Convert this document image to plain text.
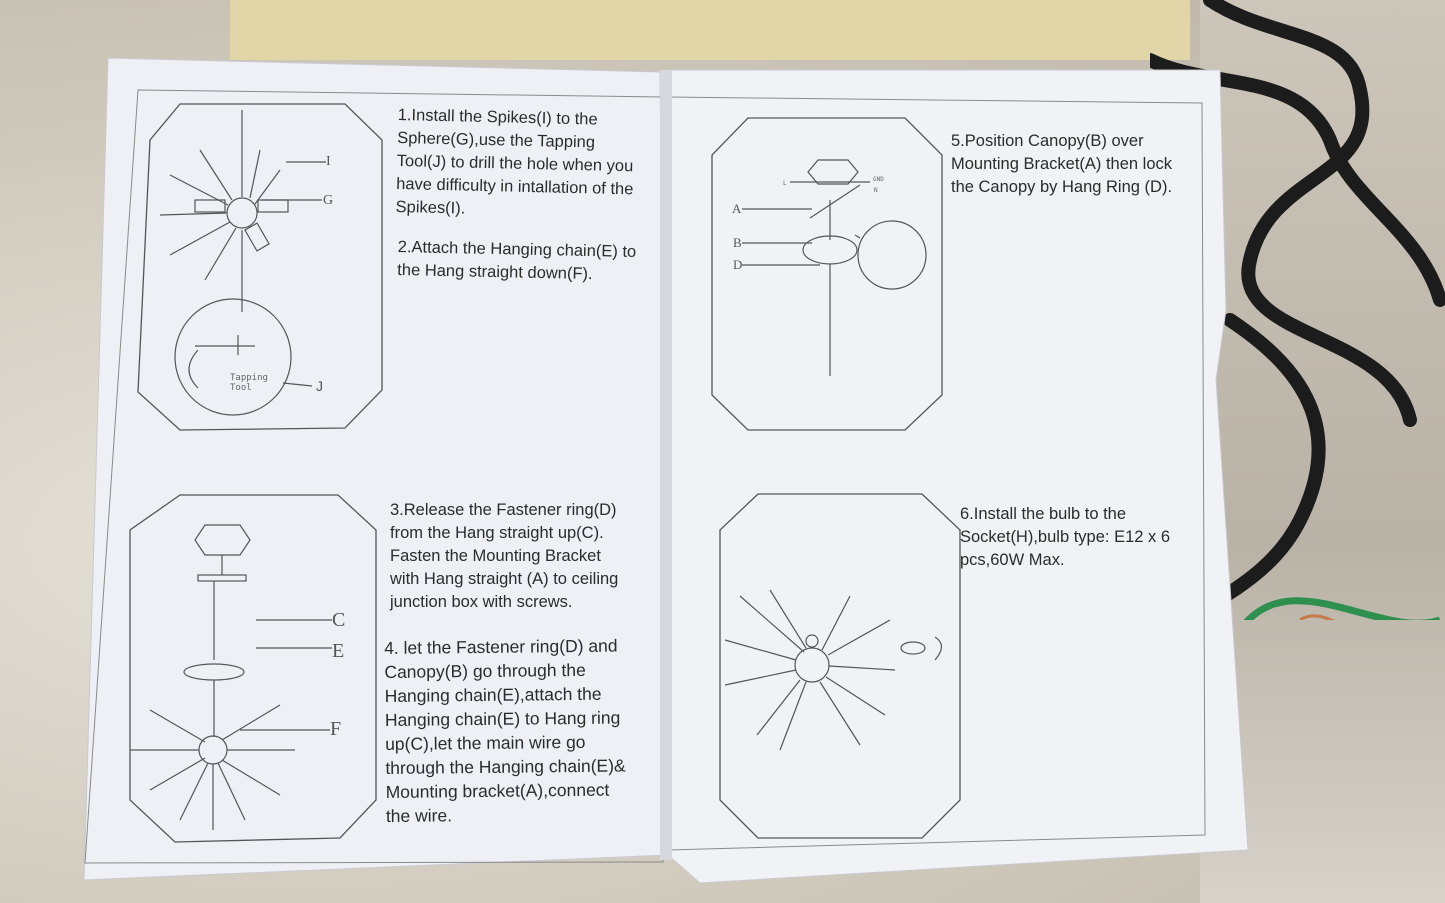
1.Install the Spikes(I) to the
Sphere(G),use the Tapping
Tool(J) to drill the hole when you
have difficulty in intallation of the
Spikes(I).
2.Attach the Hanging chain(E) to
the Hang straight down(F).
3.Release the Fastener ring(D)
from the Hang straight up(C).
Fasten the Mounting Bracket
with Hang straight (A) to ceiling
junction box with screws.
4. let the Fastener ring(D) and
Canopy(B) go through the
Hanging chain(E),attach the
Hanging chain(E) to Hang ring
up(C),let the main wire go
through the Hanging chain(E)&
Mounting bracket(A),connect
the wire.
5.Position Canopy(B) over
Mounting Bracket(A) then lock
the Canopy by Hang Ring (D).
6.Install the bulb to the
Socket(H),bulb type: E12 x 6
pcs,60W Max.
I
G
J
Tapping
Tool
C
E
F
A
B
D
GND
N
L
